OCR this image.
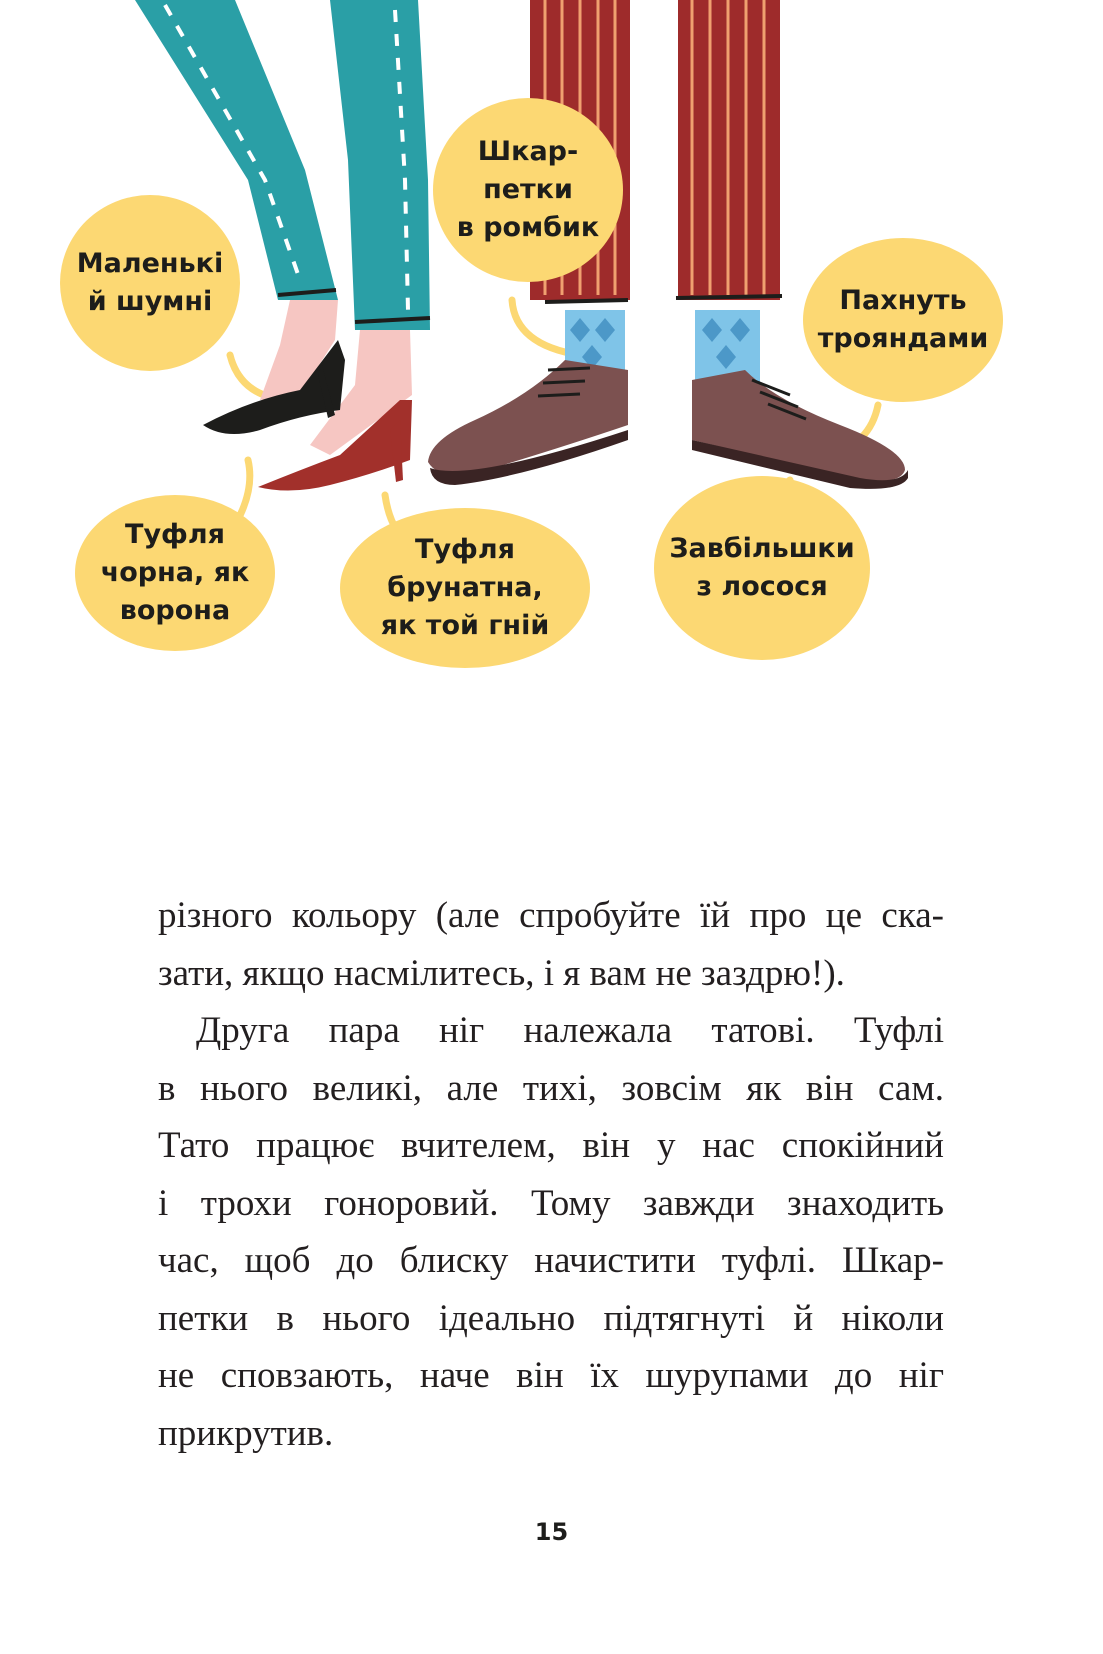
Маленькі
й шумні
Шкар-
петки
в ромбик
Пахнуть
трояндами
Туфля
чорна, як
ворона
Туфля
брунатна,
як той гній
Завбільшки
з лосося

різного кольору (але спробуйте їй про це ска-
зати, якщо насмілитесь, і я вам не заздрю!).

Друга пара ніг належала татові. Туфлі
в нього великі, але тихі, зовсім як він сам.
Тато працює вчителем, він у нас спокійний
і трохи гоноровий. Тому завжди знаходить
час, щоб до блиску начистити туфлі. Шкар-
петки в нього ідеально підтягнуті й ніколи
не сповзають, наче він їх шурупами до ніг
прикрутив.

15
